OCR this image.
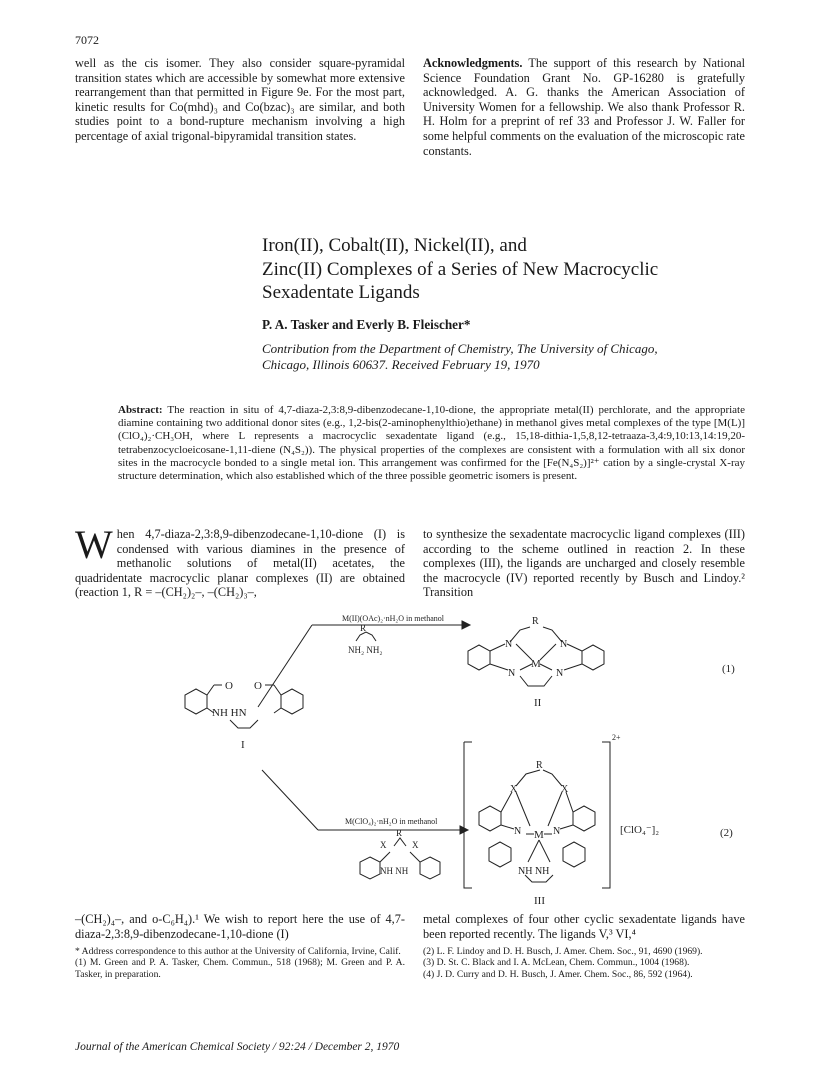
7072

well as the cis isomer. They also consider square-pyramidal transition states which are accessible by somewhat more extensive rearrangement than that permitted in Figure 9e. For the most part, kinetic results for Co(mhd)₃ and Co(bzac)₃ are similar, and both studies point to a bond-rupture mechanism involving a high percentage of axial trigonal-bipyramidal transition states.

Acknowledgments. The support of this research by National Science Foundation Grant No. GP-16280 is gratefully acknowledged. A. G. thanks the American Association of University Women for a fellowship. We also thank Professor R. H. Holm for a preprint of ref 33 and Professor J. W. Faller for some helpful comments on the evaluation of the microscopic rate constants.

Iron(II), Cobalt(II), Nickel(II), and
Zinc(II) Complexes of a Series of New Macrocyclic
Sexadentate Ligands
P. A. Tasker and Everly B. Fleischer*
Contribution from the Department of Chemistry, The University of Chicago,
Chicago, Illinois 60637. Received February 19, 1970
Abstract: The reaction in situ of 4,7-diaza-2,3:8,9-dibenzodecane-1,10-dione, the appropriate metal(II) perchlorate, and the appropriate diamine containing two additional donor sites (e.g., 1,2-bis(2-aminophenylthio)ethane) in methanol gives metal complexes of the type [M(L)](ClO₄)₂·CH₃OH, where L represents a macrocyclic sexadentate ligand (e.g., 15,18-dithia-1,5,8,12-tetraaza-3,4:9,10:13,14:19,20-tetrabenzocycloeicosane-1,11-diene (N₄S₂)). The physical properties of the complexes are consistent with a formulation with all six donor sites in the macrocycle bonded to a single metal ion. This arrangement was confirmed for the [Fe(N₄S₂)]²⁺ cation by a single-crystal X-ray structure determination, which also established which of the three possible geometric isomers is present.

When 4,7-diaza-2,3:8,9-dibenzodecane-1,10-dione (I) is condensed with various diamines in the presence of methanolic solutions of metal(II) acetates, the quadridentate macrocyclic planar complexes (II) are obtained (reaction 1, R = –(CH₂)₂–, –(CH₂)₃–,

to synthesize the sexadentate macrocyclic ligand complexes (III) according to the scheme outlined in reaction 2. In these complexes (III), the ligands are uncharged and closely resemble the macrocycle (IV) reported recently by Busch and Lindoy.² Transition

M(II)(OAc)₂·nH₂O in methanol
R
NH₂ NH₂
M(ClO₄)₂·nH₂O in methanol
R
X	X
NH NH
O O
NH HN
I
R
N	N
M
N	N
II
(1)
R
X	X
N	N
M
NH NH
III
2+
[ClO₄⁻]₂	(2)

–(CH₂)₄–, and o-C₆H₄).¹ We wish to report here the use of 4,7-diaza-2,3:8,9-dibenzodecane-1,10-dione (I)

metal complexes of four other cyclic sexadentate ligands have been reported recently. The ligands V,³ VI,⁴

* Address correspondence to this author at the University of California, Irvine, Calif.

(1) M. Green and P. A. Tasker, Chem. Commun., 518 (1968); M. Green and P. A. Tasker, in preparation.

(2) L. F. Lindoy and D. H. Busch, J. Amer. Chem. Soc., 91, 4690 (1969).

(3) D. St. C. Black and I. A. McLean, Chem. Commun., 1004 (1968).

(4) J. D. Curry and D. H. Busch, J. Amer. Chem. Soc., 86, 592 (1964).

Journal of the American Chemical Society / 92:24 / December 2, 1970
